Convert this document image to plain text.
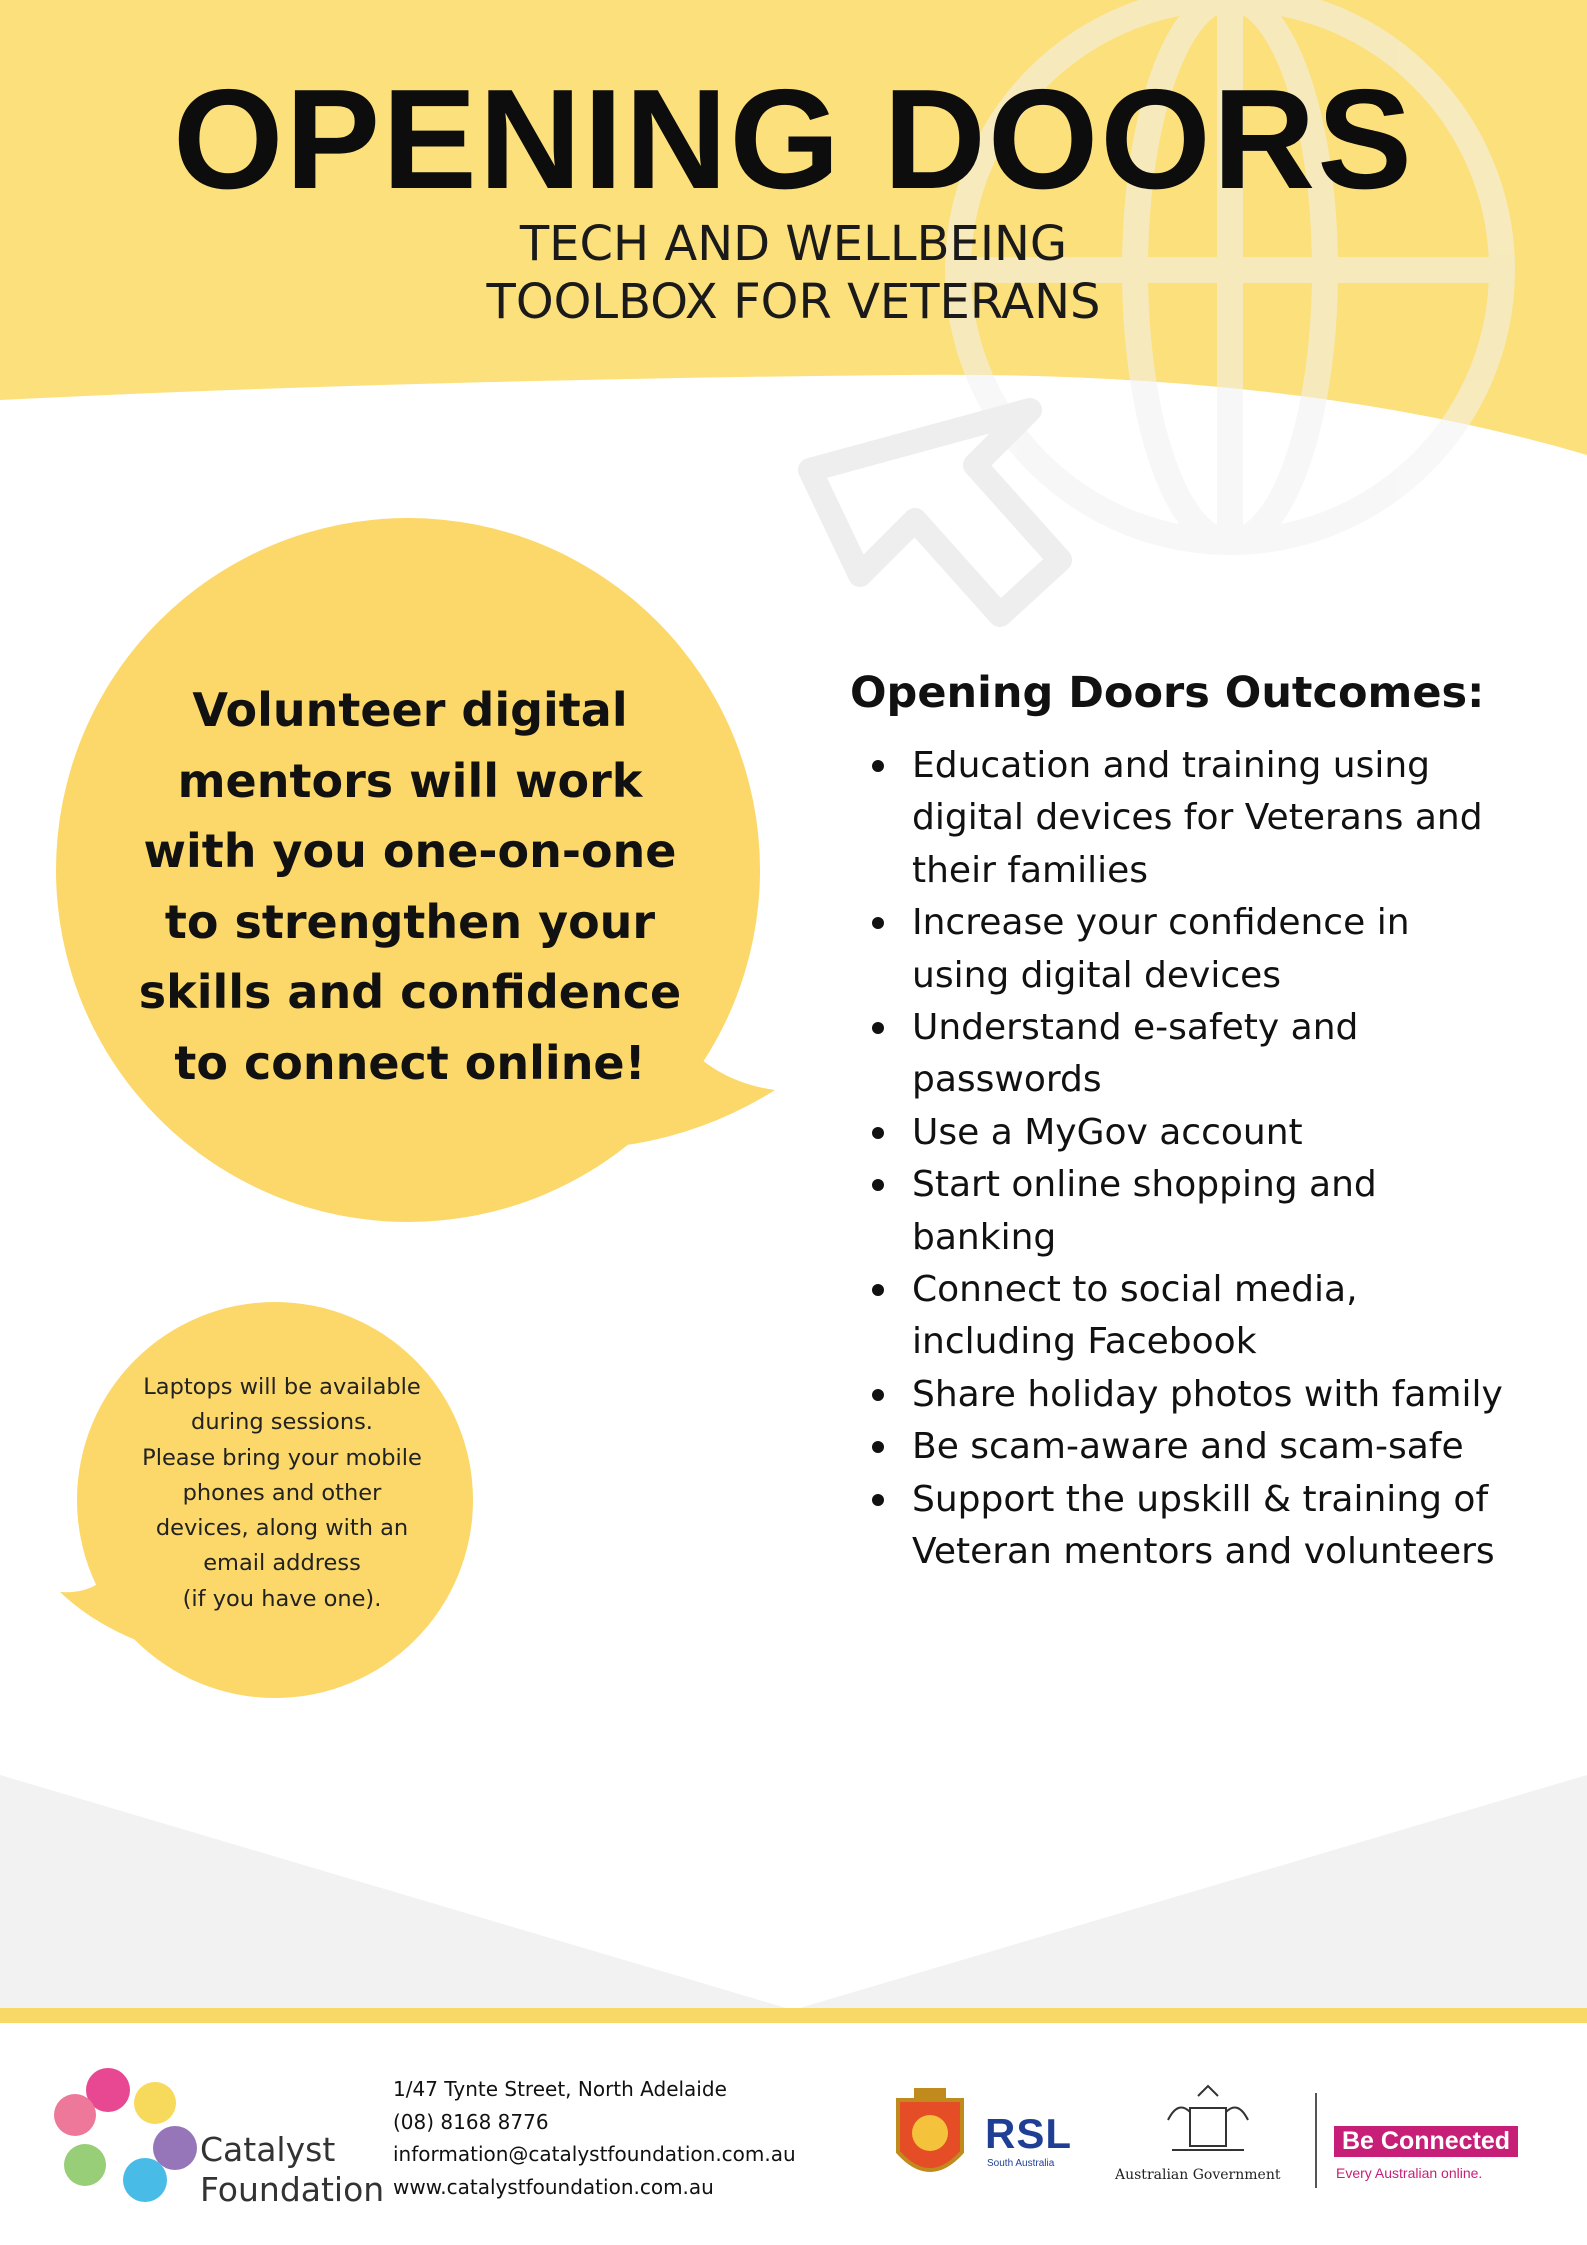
OPENING DOORS
TECH AND WELLBEING
TOOLBOX FOR VETERANS
Volunteer digital
mentors will work
with you one-on-one
to strengthen your
skills and confidence
to connect online!
Laptops will be available
during sessions.
Please bring your mobile
phones and other
devices, along with an
email address
(if you have one).
Opening Doors Outcomes:
Education and training using
digital devices for Veterans and
their families
Increase your confidence in
using digital devices
Understand e-safety and
passwords
Use a MyGov account
Start online shopping and
banking
Connect to social media,
including Facebook
Share holiday photos with family
Be scam-aware and scam-safe
Support the upskill & training of
Veteran mentors and volunteers
Catalyst
Foundation
1/47 Tynte Street, North Adelaide
(08) 8168 8776
information@catalystfoundation.com.au
www.catalystfoundation.com.au
RSL
South Australia
Australian Government
Be Connected
Every Australian online.
